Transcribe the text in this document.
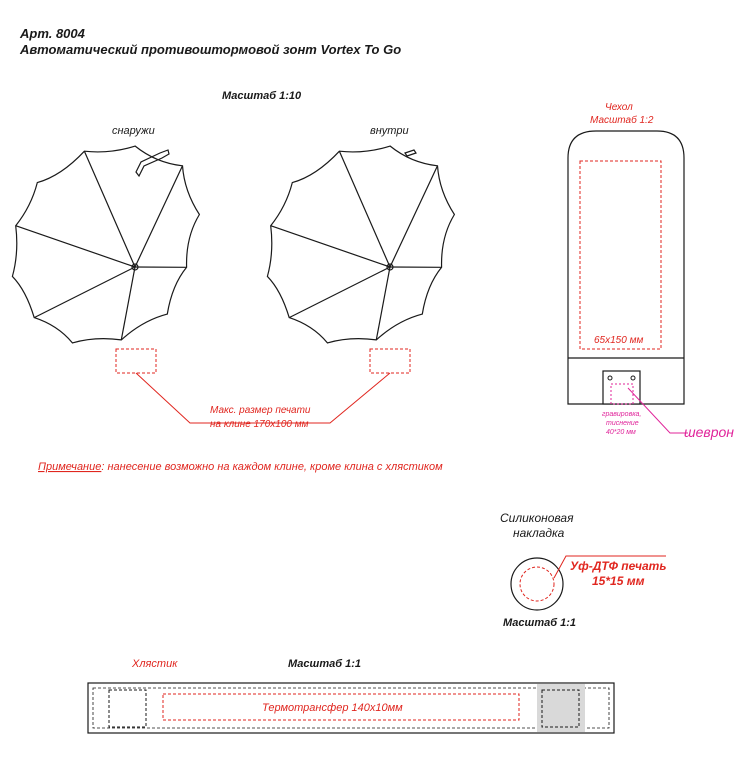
Арт. 8004
Автоматический противоштормовой зонт Vortex To Go
Масштаб 1:10
снаружи	внутри
Макс. размер печати
на клине 170х100 мм
Чехол
Масштаб 1:2
65х150 мм
гравировка,
тиснение
40*20 мм	шеврон
Примечание: нанесение возможно на каждом клине, кроме клина с хлястиком
Силиконовая
накладка
Уф-ДТФ печать
15*15 мм
Масштаб 1:1
Хлястик	Масштаб 1:1
Термотрансфер 140х10мм
